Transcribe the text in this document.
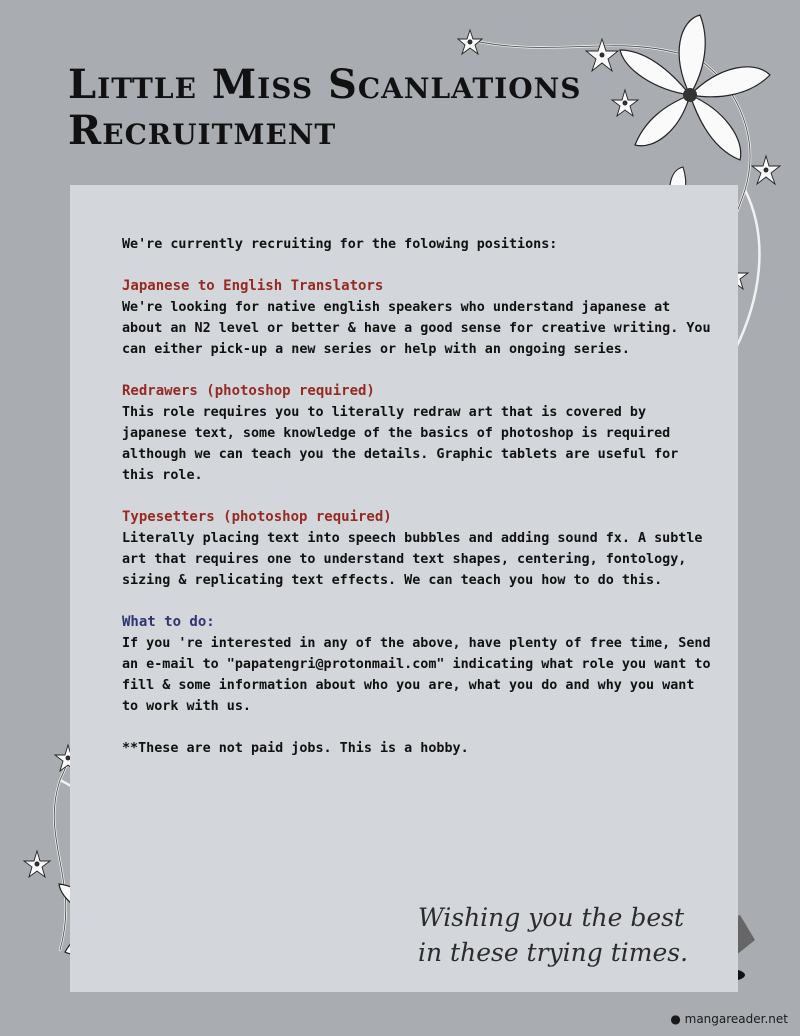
Little Miss Scanlations
Recruitment

We're currently recruiting for the folowing positions:

Japanese to English Translators
We're looking for native english speakers who understand japanese at about an N2 level or better & have a good sense for creative writing. You can either pick-up a new series or help with an ongoing series.

Redrawers (photoshop required)
This role requires you to literally redraw art that is covered by japanese text, some knowledge of the basics of photoshop is required although we can teach you the details. Graphic tablets are useful for this role.

Typesetters (photoshop required)
Literally placing text into speech bubbles and adding sound fx. A subtle art that requires one to understand text shapes, centering, fontology, sizing & replicating text effects. We can teach you how to do this.

What to do:
If you 're interested in any of the above, have plenty of free time, Send an e-mail to "papatengri@protonmail.com" indicating what role you want to fill & some information about who you are, what you do and why you want to work with us.

**These are not paid jobs. This is a hobby.

Wishing you the best
in these trying times.
● mangareader.net
